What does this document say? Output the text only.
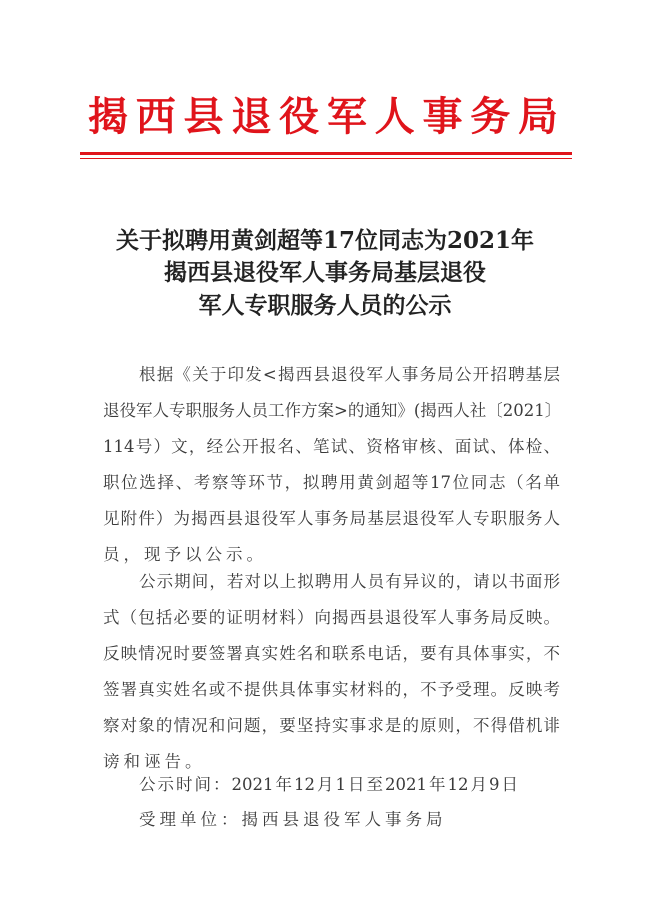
揭西县退役军人事务局
关于拟聘用黄剑超等17位同志为2021年
揭西县退役军人事务局基层退役
军人专职服务人员的公示
根据《关于印发<揭西县退役军人事务局公开招聘基层
退役军人专职服务人员工作方案>的通知》(揭西人社〔2021〕
114号）文，经公开报名、笔试、资格审核、面试、体检、
职位选择、考察等环节，拟聘用黄剑超等17位同志（名单
见附件）为揭西县退役军人事务局基层退役军人专职服务人
员，现予以公示。
公示期间，若对以上拟聘用人员有异议的，请以书面形
式（包括必要的证明材料）向揭西县退役军人事务局反映。
反映情况时要签署真实姓名和联系电话，要有具体事实，不
签署真实姓名或不提供具体事实材料的，不予受理。反映考
察对象的情况和问题，要坚持实事求是的原则，不得借机诽
谤和诬告。
公示时间：2021年12月1日至2021年12月9日
受理单位：揭西县退役军人事务局
